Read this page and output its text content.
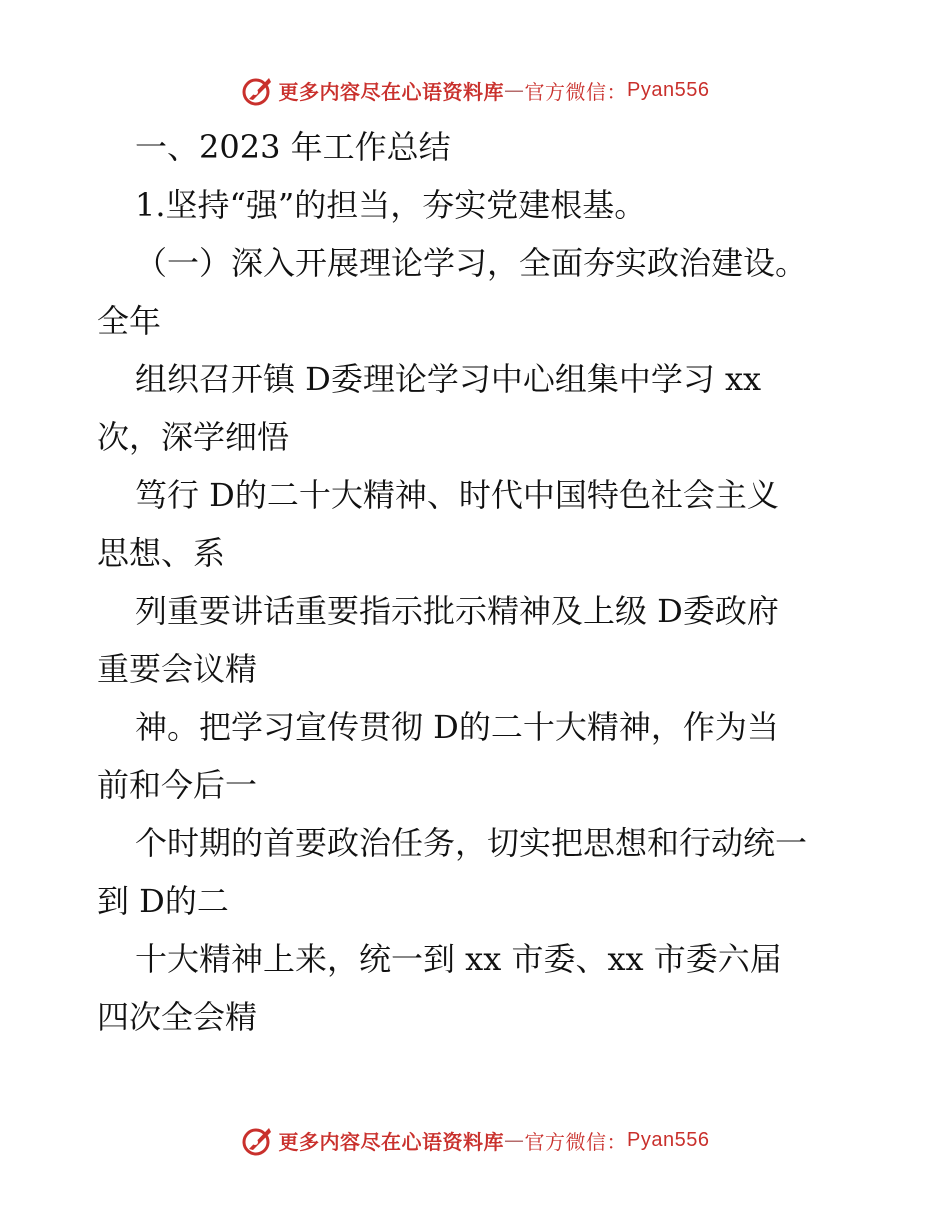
更多内容尽在心语资料库 — 官方微信： Pyan556
一、2023 年工作总结
1.坚持“强”的担当，夯实党建根基。
（一）深入开展理论学习，全面夯实政治建设。
全年
组织召开镇 D委理论学习中心组集中学习 xx
次，深学细悟
笃行 D的二十大精神、时代中国特色社会主义
思想、系
列重要讲话重要指示批示精神及上级 D委政府
重要会议精
神。把学习宣传贯彻 D的二十大精神，作为当
前和今后一
个时期的首要政治任务，切实把思想和行动统一
到 D的二
十大精神上来，统一到 xx 市委、xx 市委六届
四次全会精
更多内容尽在心语资料库 — 官方微信： Pyan556
